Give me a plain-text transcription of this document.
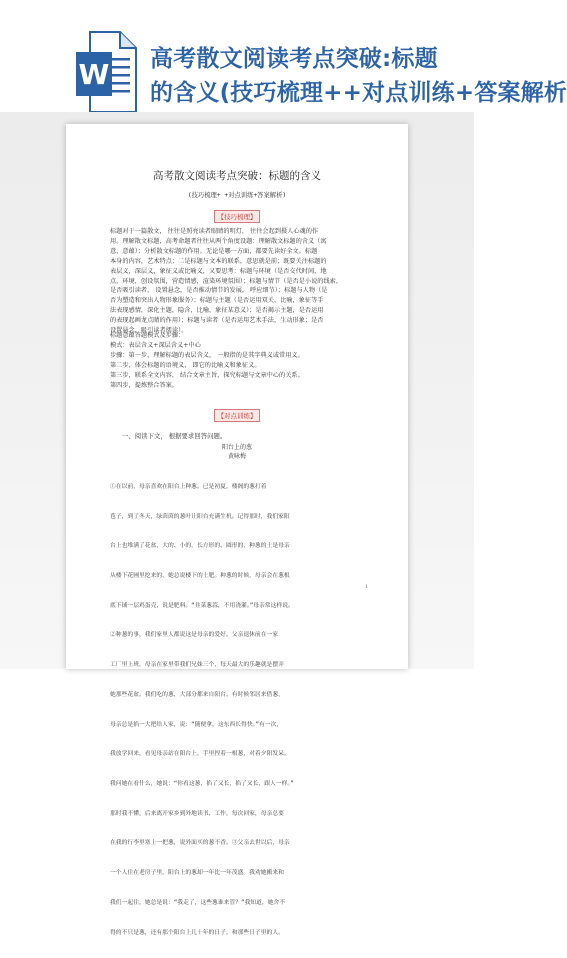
W 高考散文阅读考点突破:标题
的含义(技巧梳理++对点训练+答案解析
高考散文阅读考点突破：标题的含义
(技巧梳理+ +对点训练+答案解析)
【技巧梳理】
标题对于一篇散文， 往往是照亮读者眼睛的明灯， 往往会起到摄人心魂的作
用。理解散文标题，高考命题者往往从两个角度设题：理解散文标题的含义（寓
意、意蕴）；分析散文标题的作用。无论是哪一方面，都要先读好全文。标题
本身的内容，艺术特点；二是标题与文本的联系，意思就是前；既要关注标题的
表层义，深层义，象征义或比喻义，又要思考：标题与环境（是否交代时间，地
点，环境，创设氛围，营造情感，渲染环境氛围）；标题与情节（是否是小说的线索，
是否吸引读者， 设置悬念，是否推动情节的发展， 呼应细节）；标题与人物（是
否为塑造和突出人物形象服务）；标题与主题（是否运用双关，比喻，象征等手
法表现感情，深化主题，隐含，比喻，象征某意义）；是否揭示主题，是否运用
的表现起画龙点睛的作用）；标题与读者（是否运用艺术手法，生动形象；是否
设置悬念，吸引读者阅读）。
标题意蕴答题模式及步骤：
模式：表层含义+深层含义+中心
步骤：第一步，理解标题的表层含义， 一般指的是其字典义或常用义。
第二步，体会标题的语境义， 即它的比喻义和象征义。
第三步，联系全文内容， 结合文章主旨，探究标题与文章中心的关系。
第四步，提炼整合答案。
【对点训练】
一、阅读下文， 根据要求回答问题。
阳台上的葱
黄咏梅

①在以前，母亲喜欢在阳台上种葱。已是初夏，楼阁的葱打着

苞子，到了冬天，绿茵茵的葱叶让阳台充满生机。记得那时，我们家阳

台上也堆满了花盆，大的、小的，长方形的、圆形的，种葱的土是母亲

从楼下花圃里挖来的，她总说楼下的土肥。种葱的时候，母亲会在葱根

底下铺一层鸡蛋壳，说是肥料。“韭菜葱蒜，不用浇灌。”母亲常这样说。

②种葱的事，我们家里人都说这是母亲的爱好。父亲退休前在一家

工厂里上班，母亲在家里带我们兄妹三个，每天最大的乐趣就是摆弄

她那些花盆。我们吃的葱，大部分都来自阳台。有时候邻居来借葱，

母亲总是掐一大把给人家，说：“随便拿，这东西长得快。”有一次，

我放学回来，看见母亲站在阳台上，手里捏着一根葱，对着夕阳发呆。

我问她在看什么，她说：“你看这葱，掐了又长，掐了又长，跟人一样。”

那时我不懂，后来离开家乡到外地读书、工作，每次回家，母亲总要

在我的行李里塞上一把葱，说外面买的葱不香。③父亲去世以后，母亲

一个人住在老房子里，阳台上的葱却一年比一年茂盛。我劝她搬来和

我们一起住，她总是说：“我走了，这些葱谁来管？”我知道，她舍不

得的不只是葱，还有那个阳台上几十年的日子，和那些日子里的人。

1
